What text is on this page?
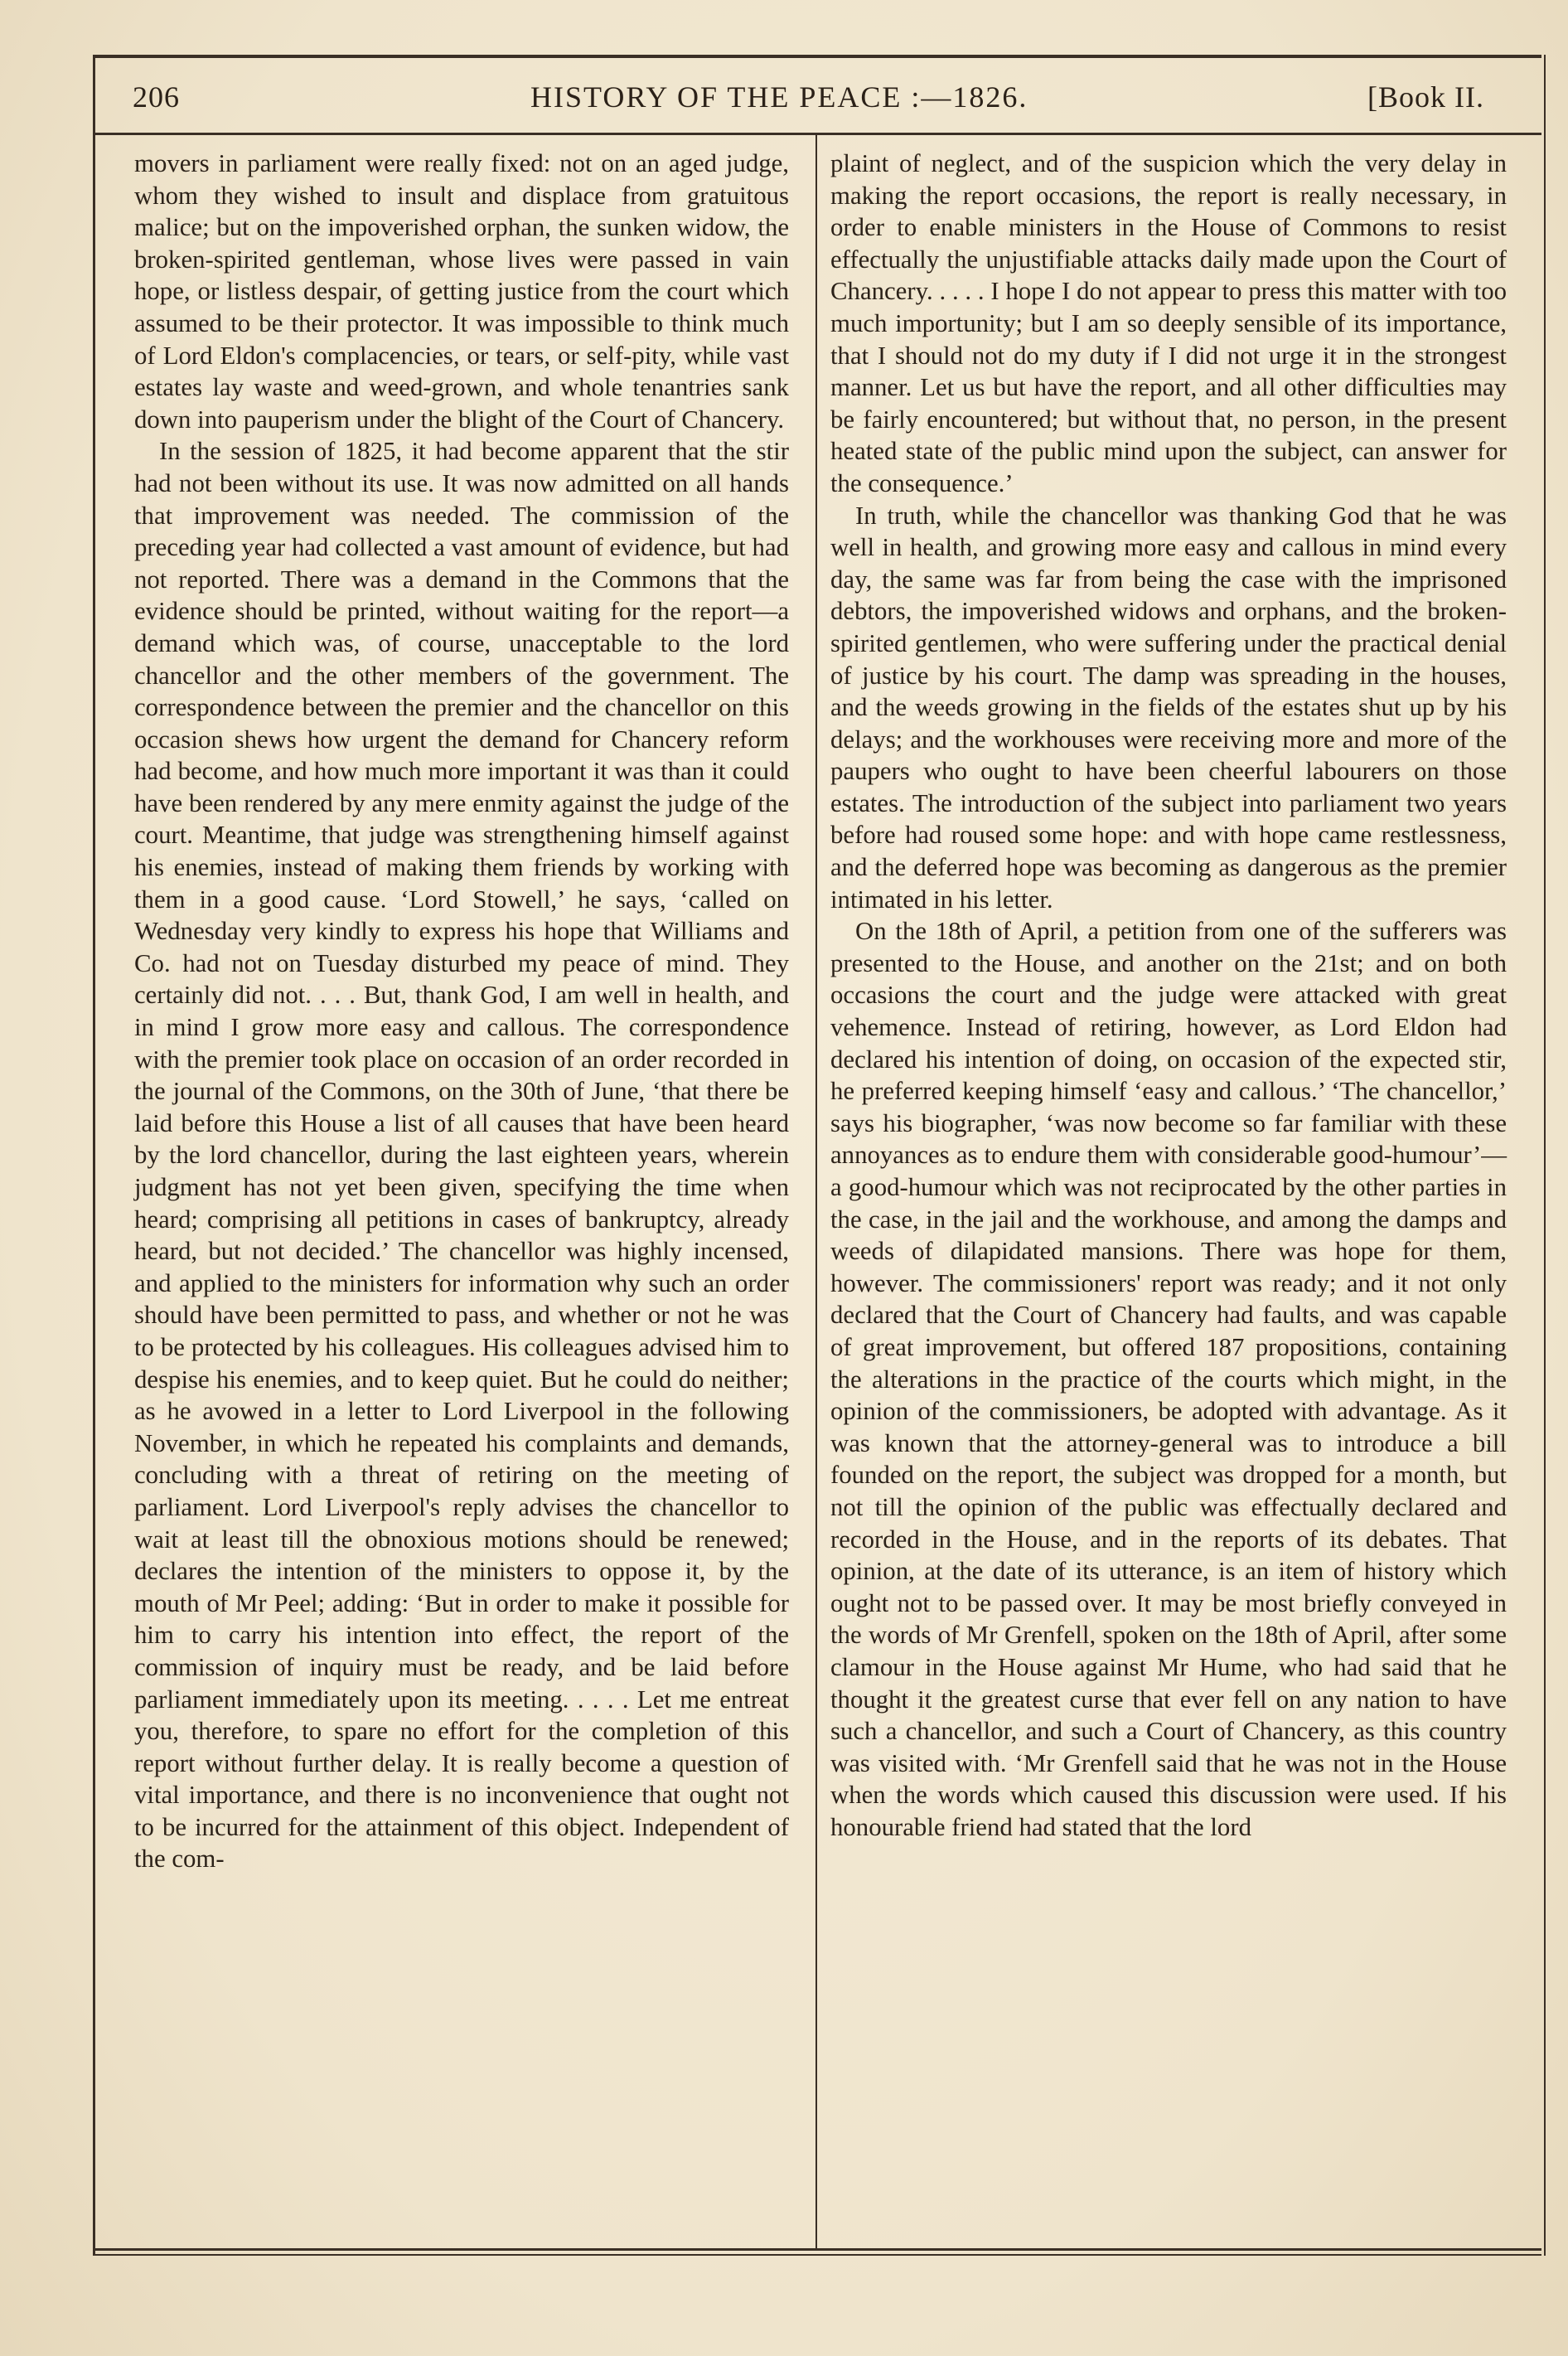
206	HISTORY OF THE PEACE :—1826.	[Book II.

movers in parliament were really fixed: not on an aged judge, whom they wished to insult and displace from gratuitous malice; but on the impoverished orphan, the sunken widow, the broken-spirited gentleman, whose lives were passed in vain hope, or listless despair, of getting justice from the court which assumed to be their protector. It was impossible to think much of Lord Eldon's complacencies, or tears, or self-pity, while vast estates lay waste and weed-grown, and whole tenantries sank down into pauperism under the blight of the Court of Chancery.

In the session of 1825, it had become apparent that the stir had not been without its use. It was now admitted on all hands that improvement was needed. The commission of the preceding year had collected a vast amount of evidence, but had not reported. There was a demand in the Commons that the evidence should be printed, without waiting for the report—a demand which was, of course, unacceptable to the lord chancellor and the other members of the government. The correspondence between the premier and the chancellor on this occasion shews how urgent the demand for Chancery reform had become, and how much more important it was than it could have been rendered by any mere enmity against the judge of the court. Meantime, that judge was strengthening himself against his enemies, instead of making them friends by working with them in a good cause. ‘Lord Stowell,’ he says, ‘called on Wednesday very kindly to express his hope that Williams and Co. had not on Tuesday disturbed my peace of mind. They certainly did not. . . . But, thank God, I am well in health, and in mind I grow more easy and callous. The correspondence with the premier took place on occasion of an order recorded in the journal of the Commons, on the 30th of June, ‘that there be laid before this House a list of all causes that have been heard by the lord chancellor, during the last eighteen years, wherein judgment has not yet been given, specifying the time when heard; comprising all petitions in cases of bankruptcy, already heard, but not decided.’ The chancellor was highly incensed, and applied to the ministers for information why such an order should have been permitted to pass, and whether or not he was to be protected by his colleagues. His colleagues advised him to despise his enemies, and to keep quiet. But he could do neither; as he avowed in a letter to Lord Liverpool in the following November, in which he repeated his complaints and demands, concluding with a threat of retiring on the meeting of parliament. Lord Liverpool's reply advises the chancellor to wait at least till the obnoxious motions should be renewed; declares the intention of the ministers to oppose it, by the mouth of Mr Peel; adding: ‘But in order to make it possible for him to carry his intention into effect, the report of the commission of inquiry must be ready, and be laid before parliament immediately upon its meeting. . . . . Let me entreat you, therefore, to spare no effort for the completion of this report without further delay. It is really become a question of vital importance, and there is no inconvenience that ought not to be incurred for the attainment of this object. Independent of the com-

plaint of neglect, and of the suspicion which the very delay in making the report occasions, the report is really necessary, in order to enable ministers in the House of Commons to resist effectually the unjustifiable attacks daily made upon the Court of Chancery. . . . . I hope I do not appear to press this matter with too much importunity; but I am so deeply sensible of its importance, that I should not do my duty if I did not urge it in the strongest manner. Let us but have the report, and all other difficulties may be fairly encountered; but without that, no person, in the present heated state of the public mind upon the subject, can answer for the consequence.’

In truth, while the chancellor was thanking God that he was well in health, and growing more easy and callous in mind every day, the same was far from being the case with the imprisoned debtors, the impoverished widows and orphans, and the broken-spirited gentlemen, who were suffering under the practical denial of justice by his court. The damp was spreading in the houses, and the weeds growing in the fields of the estates shut up by his delays; and the workhouses were receiving more and more of the paupers who ought to have been cheerful labourers on those estates. The introduction of the subject into parliament two years before had roused some hope: and with hope came restlessness, and the deferred hope was becoming as dangerous as the premier intimated in his letter.

On the 18th of April, a petition from one of the sufferers was presented to the House, and another on the 21st; and on both occasions the court and the judge were attacked with great vehemence. Instead of retiring, however, as Lord Eldon had declared his intention of doing, on occasion of the expected stir, he preferred keeping himself ‘easy and callous.’ ‘The chancellor,’ says his biographer, ‘was now become so far familiar with these annoyances as to endure them with considerable good-humour’—a good-humour which was not reciprocated by the other parties in the case, in the jail and the workhouse, and among the damps and weeds of dilapidated mansions. There was hope for them, however. The commissioners' report was ready; and it not only declared that the Court of Chancery had faults, and was capable of great improvement, but offered 187 propositions, containing the alterations in the practice of the courts which might, in the opinion of the commissioners, be adopted with advantage. As it was known that the attorney-general was to introduce a bill founded on the report, the subject was dropped for a month, but not till the opinion of the public was effectually declared and recorded in the House, and in the reports of its debates. That opinion, at the date of its utterance, is an item of history which ought not to be passed over. It may be most briefly conveyed in the words of Mr Grenfell, spoken on the 18th of April, after some clamour in the House against Mr Hume, who had said that he thought it the greatest curse that ever fell on any nation to have such a chancellor, and such a Court of Chancery, as this country was visited with. ‘Mr Grenfell said that he was not in the House when the words which caused this discussion were used. If his honourable friend had stated that the lord
